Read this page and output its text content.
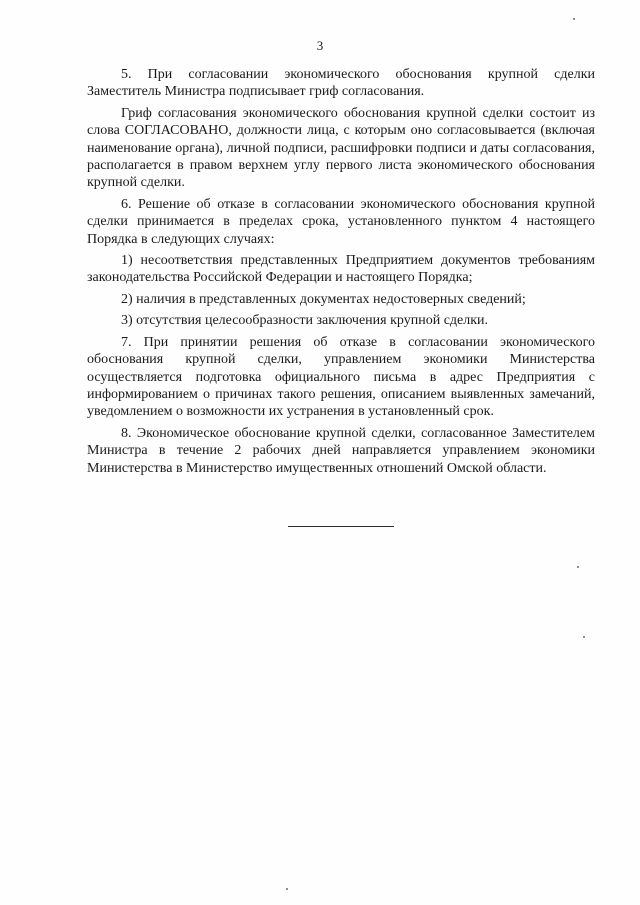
3

5. При согласовании экономического обоснования крупной сделки Заместитель Министра подписывает гриф согласования.

Гриф согласования экономического обоснования крупной сделки состоит из слова СОГЛАСОВАНО, должности лица, с которым оно согласовывается (включая наименование органа), личной подписи, расшифровки подписи и даты согласования, располагается в правом верхнем углу первого листа экономического обоснования крупной сделки.

6. Решение об отказе в согласовании экономического обоснования крупной сделки принимается в пределах срока, установленного пунктом 4 настоящего Порядка в следующих случаях:

1) несоответствия представленных Предприятием документов требованиям законодательства Российской Федерации и настоящего Порядка;

2) наличия в представленных документах недостоверных сведений;

3) отсутствия целесообразности заключения крупной сделки.

7. При принятии решения об отказе в согласовании экономического обоснования крупной сделки, управлением экономики Министерства осуществляется подготовка официального письма в адрес Предприятия с информированием о причинах такого решения, описанием выявленных замечаний, уведомлением о возможности их устранения в установленный срок.

8. Экономическое обоснование крупной сделки, согласованное Заместителем Министра в течение 2 рабочих дней направляется управлением экономики Министерства в Министерство имущественных отношений Омской области.
